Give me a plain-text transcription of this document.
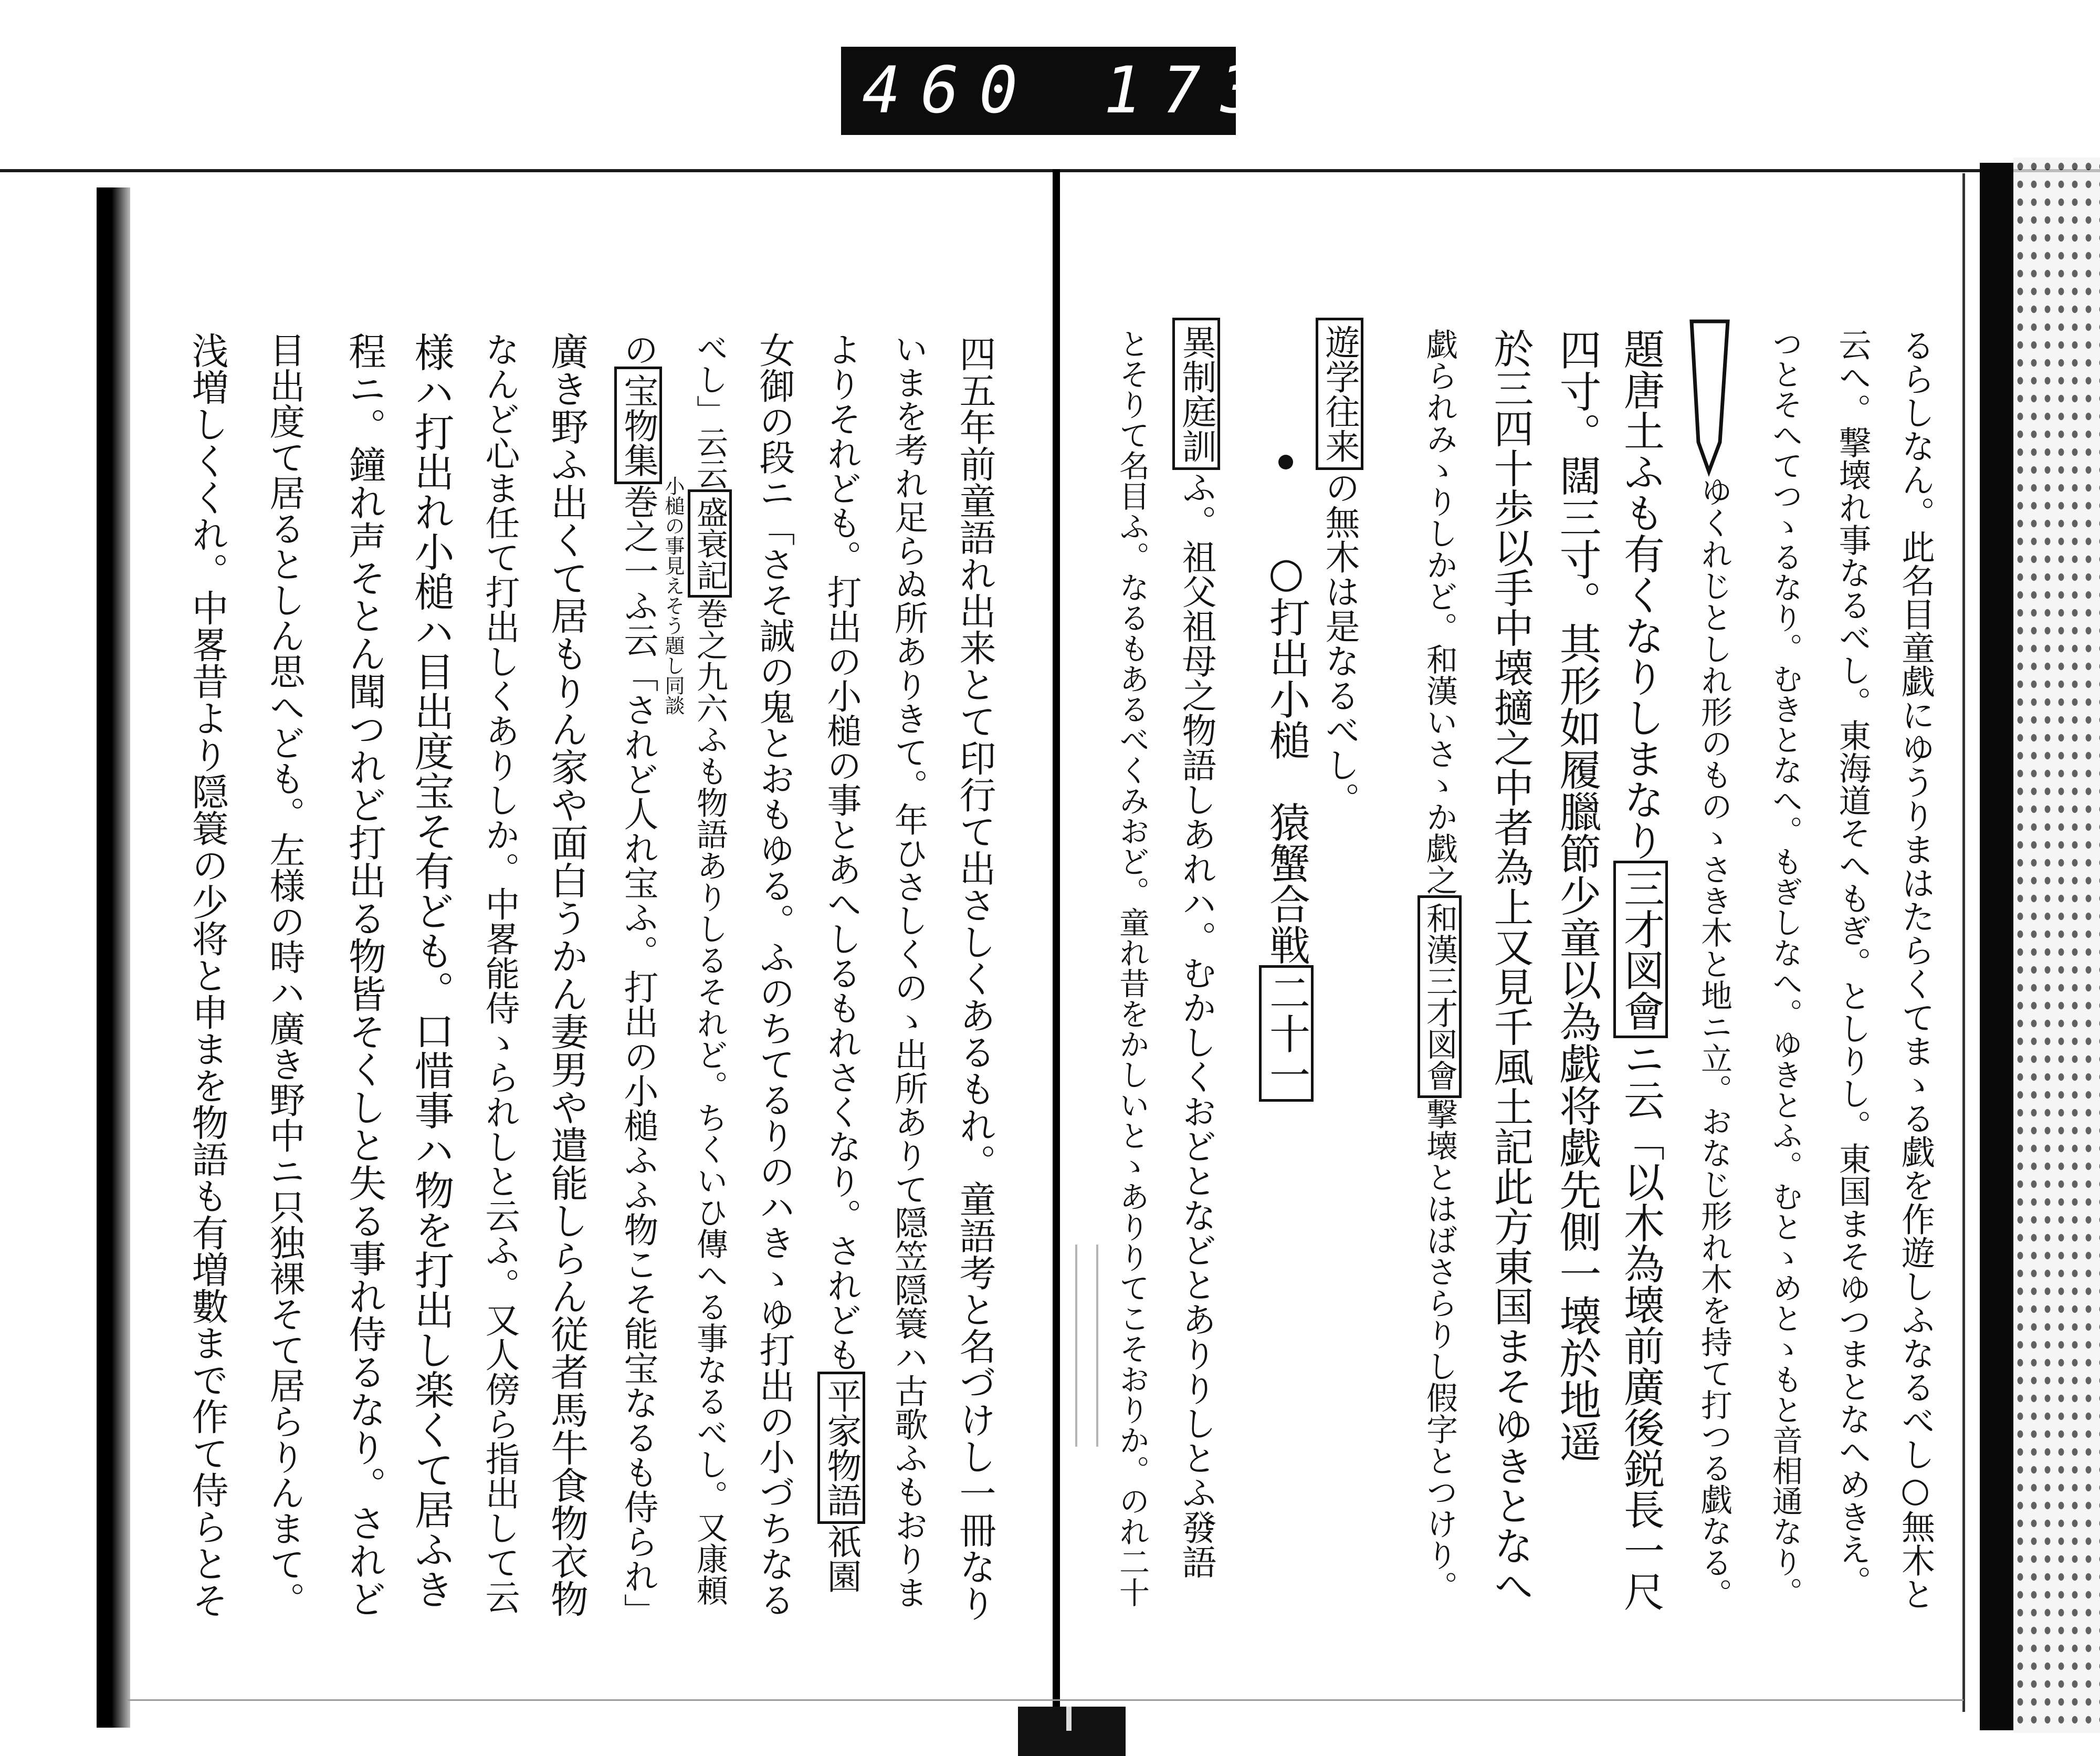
460 173.
るらしなん。此名目童戯にゆうりまはたらくてまゝる戯を作遊しふなるべし○無木と
云へ。撃壊れ事なるべし。東海道そへもぎ。としりし。東国まそゆつまとなへめきえ。
つとそへてつゝるなり。むきとなへ。もぎしなへ。ゆきとふ。むとゝめとゝもと音相通なり。
ゆくれじとしれ形のものゝさき木と地ニ立。おなじ形れ木を持て打つる戯なる。
題唐土ふも有くなりしまなり三才図會ニ云「以木為壊前廣後鋭長一尺
四寸。闊三寸。其形如履臘節少童以為戯将戯先側一壊於地遥
於三四十歩以手中壊擿之中者為上又見千風土記此方東国まそゆきとなへ
戯られみゝりしかど。和漢いさゝか戯之和漢三才図會撃壊とはばさらりし假字とつけり。
遊学往来の無木は是なるべし。
○打出小槌　猿蟹合戦二十一
異制庭訓ふ。祖父祖母之物語しあれハ。むかしくおどとなどとありりしとふ發語
とそりて名目ふ。なるもあるべくみおど。童れ昔をかしいとゝありりてこそおりか。のれ二十
四五年前童語れ出来とて印行て出さしくあるもれ。童語考と名づけし一冊なり
いまを考れ足らぬ所ありきて。年ひさしくのゝ出所ありて隠笠隠簑ハ古歌ふもおりま
よりそれども。打出の小槌の事とあへしるもれさくなり。されども平家物語祇園
女御の段ニ「さそ誠の鬼とおもゆる。ふのちてるりのハきゝゆ打出の小づちなる
べし」云云盛衰記巻之九六ふも物語ありしるそれど。ちくいひ傳へる事なるべし。又康頼
小槌の事見えそう題し同談
の宝物集巻之一ふ云「されど人れ宝ふ。打出の小槌ふふ物こそ能宝なるも侍られ」
廣き野ふ出くて居もりん家や面白うかん妻男や遣能しらん従者馬牛食物衣物
なんど心ま任て打出しくありしか。中畧能侍ゝられしと云ふ。又人傍ら指出して云
様ハ打出れ小槌ハ目出度宝そ有ども。口惜事ハ物を打出し楽くて居ふき
程ニ。鐘れ声そとん聞つれど打出る物皆そくしと失る事れ侍るなり。されど
目出度て居るとしん思へども。左様の時ハ廣き野中ニ只独裸そて居らりんまて。
浅増しくくれ。中畧昔より隠簑の少将と申まを物語も有増數まで作て侍らとそ
